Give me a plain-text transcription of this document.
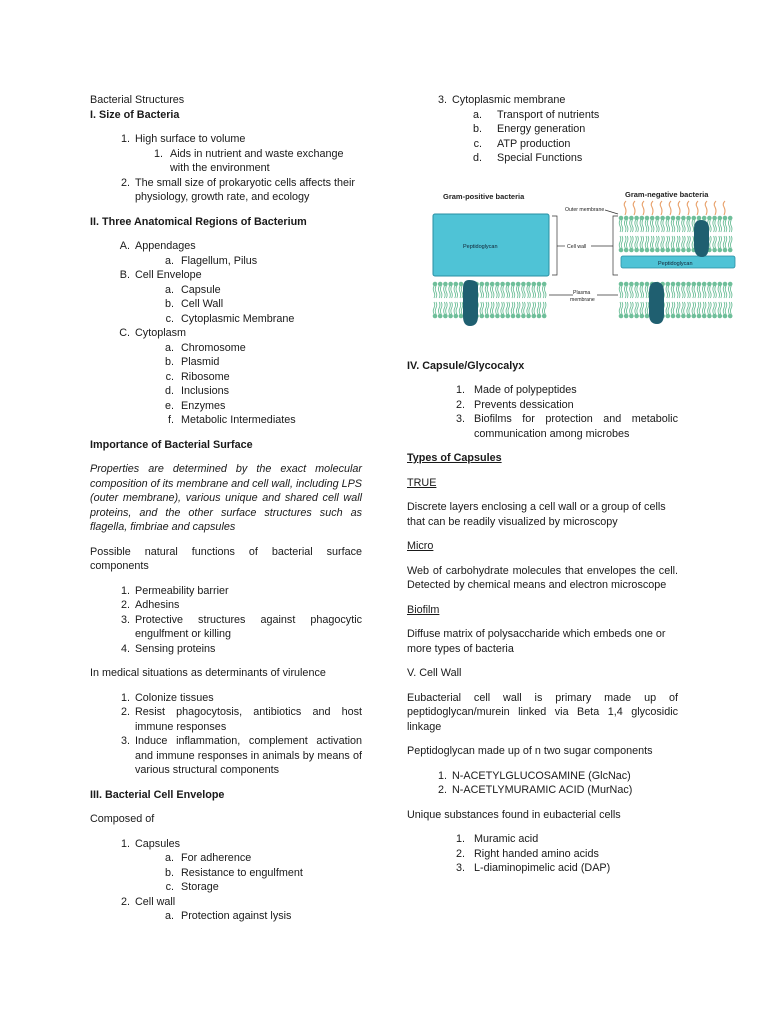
Bacterial Structures

I. Size of Bacteria

1. High surface to volume
1. Aids in nutrient and waste exchange with the environment
2. The small size of prokaryotic cells affects their physiology, growth rate, and ecology

II. Three Anatomical Regions of Bacterium

A. Appendages
a. Flagellum, Pilus
B. Cell Envelope
a. Capsule
b. Cell Wall
c. Cytoplasmic Membrane
C. Cytoplasm
a. Chromosome
b. Plasmid
c. Ribosome
d. Inclusions
e. Enzymes
f. Metabolic Intermediates

Importance of Bacterial Surface

Properties are determined by the exact molecular composition of its membrane and cell wall, including LPS (outer membrane), various unique and shared cell wall proteins, and the other surface structures such as flagella, fimbriae and capsules

Possible natural functions of bacterial surface components

1. Permeability barrier
2. Adhesins
3. Protective structures against phagocytic engulfment or killing
4. Sensing proteins

In medical situations as determinants of virulence

1. Colonize tissues
2. Resist phagocytosis, antibiotics and host immune responses
3. Induce inflammation, complement activation and immune responses in animals by means of various structural components

III. Bacterial Cell Envelope

Composed of

1. Capsules
a. For adherence
b. Resistance to engulfment
c. Storage
2. Cell wall
a. Protection against lysis
3. Cytoplasmic membrane
a. Transport of nutrients
b. Energy generation
c. ATP production
d. Special Functions
Gram-positive bacteria	Gram-negative bacteria
Peptidoglycan	Cell wall
Outer membrane
Peptidoglycan
Plasma
membrane

IV. Capsule/Glycocalyx

1. Made of polypeptides
2. Prevents dessication
3. Biofilms for protection and metabolic communication among microbes

Types of Capsules

TRUE

Discrete layers enclosing a cell wall or a group of cells that can be readily visualized by microscopy

Micro

Web of carbohydrate molecules that envelopes the cell. Detected by chemical means and electron microscope

Biofilm

Diffuse matrix of polysaccharide which embeds one or more types of bacteria

V. Cell Wall

Eubacterial cell wall is primary made up of peptidoglycan/murein linked via Beta 1,4 glycosidic linkage

Peptidoglycan made up of n two sugar components

1. N-ACETYLGLUCOSAMINE (GlcNac)
2. N-ACETLYMURAMIC ACID (MurNac)

Unique substances found in eubacterial cells

1. Muramic acid
2. Right handed amino acids
3. L-diaminopimelic acid (DAP)
